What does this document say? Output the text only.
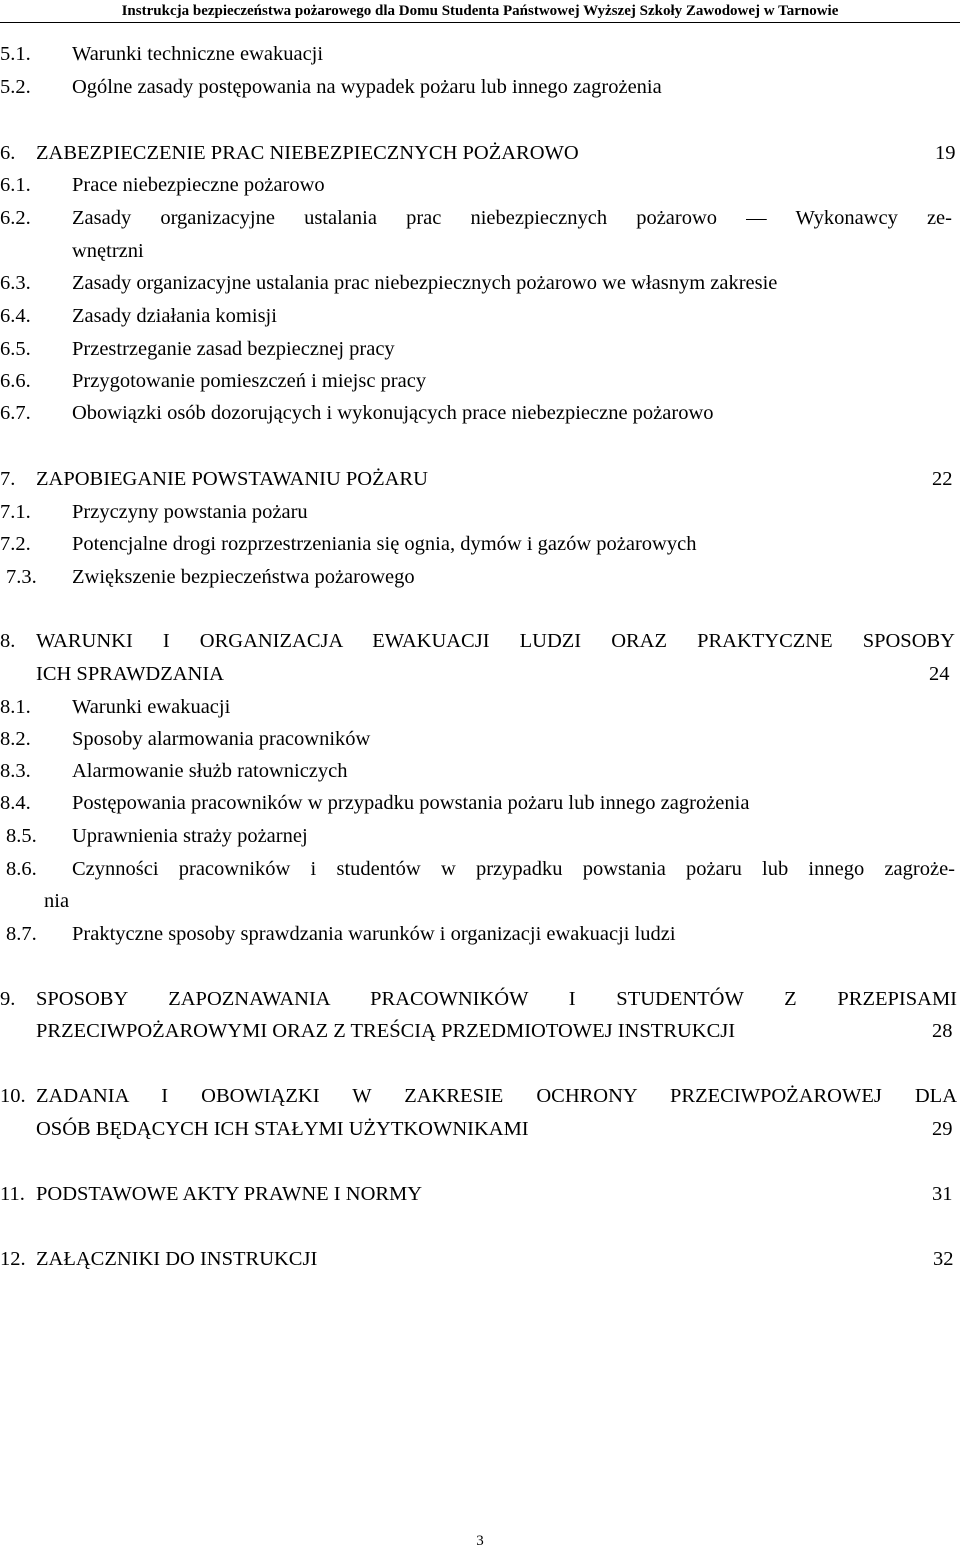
Instrukcja bezpieczeństwa pożarowego dla Domu Studenta Państwowej Wyższej Szkoły Zawodowej w Tarnowie
5.1. Warunki techniczne ewakuacji
5.2. Ogólne zasady postępowania na wypadek pożaru lub innego zagrożenia
6. ZABEZPIECZENIE PRAC NIEBEZPIECZNYCH POŻAROWO	19
6.1. Prace niebezpieczne pożarowo
6.2. Zasady organizacyjne ustalania prac niebezpiecznych pożarowo — Wykonawcy ze-
wnętrzni
6.3. Zasady organizacyjne ustalania prac niebezpiecznych pożarowo we własnym zakresie
6.4. Zasady działania komisji
6.5. Przestrzeganie zasad bezpiecznej pracy
6.6. Przygotowanie pomieszczeń i miejsc pracy
6.7. Obowiązki osób dozorujących i wykonujących prace niebezpieczne pożarowo
7. ZAPOBIEGANIE POWSTAWANIU POŻARU	22
7.1. Przyczyny powstania pożaru
7.2. Potencjalne drogi rozprzestrzeniania się ognia, dymów i gazów pożarowych
7.3. Zwiększenie bezpieczeństwa pożarowego
8. WARUNKI I ORGANIZACJA EWAKUACJI LUDZI ORAZ PRAKTYCZNE SPOSOBY
ICH SPRAWDZANIA	24
8.1. Warunki ewakuacji
8.2. Sposoby alarmowania pracowników
8.3. Alarmowanie służb ratowniczych
8.4. Postępowania pracowników w przypadku powstania pożaru lub innego zagrożenia
8.5. Uprawnienia straży pożarnej
8.6. Czynności pracowników i studentów w przypadku powstania pożaru lub innego zagroże-
nia
8.7. Praktyczne sposoby sprawdzania warunków i organizacji ewakuacji ludzi
9. SPOSOBY ZAPOZNAWANIA PRACOWNIKÓW I STUDENTÓW Z PRZEPISAMI
PRZECIWPOŻAROWYMI ORAZ Z TREŚCIĄ PRZEDMIOTOWEJ INSTRUKCJI	28
10. ZADANIA I OBOWIĄZKI W ZAKRESIE OCHRONY PRZECIWPOŻAROWEJ DLA
OSÓB BĘDĄCYCH ICH STAŁYMI UŻYTKOWNIKAMI	29
11. PODSTAWOWE AKTY PRAWNE I NORMY	31
12. ZAŁĄCZNIKI DO INSTRUKCJI	32
3
